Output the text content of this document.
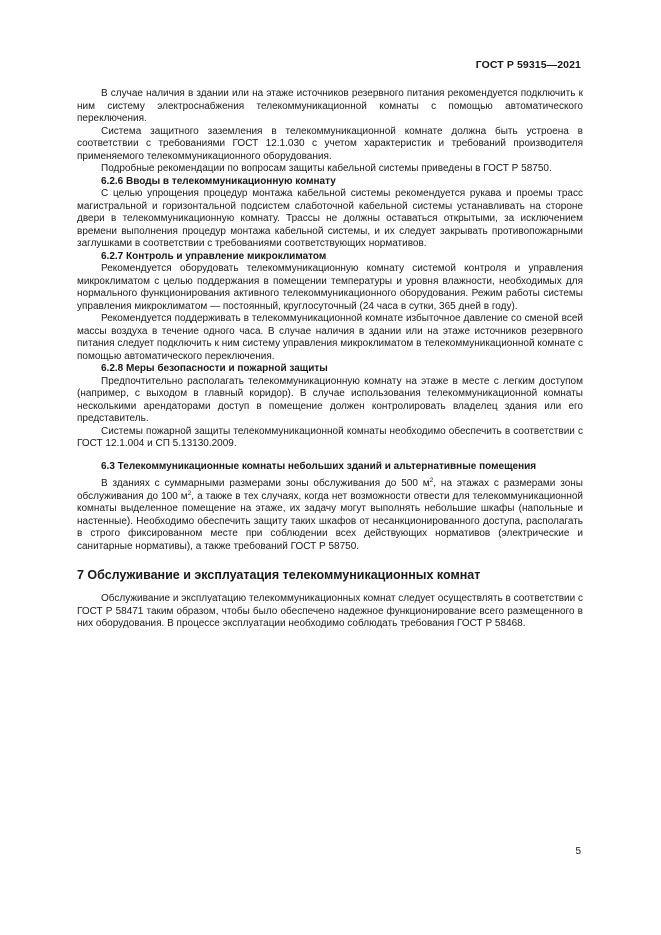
ГОСТ Р 59315—2021

В случае наличия в здании или на этаже источников резервного питания рекомендуется подключить к ним систему электроснабжения телекоммуникационной комнаты с помощью автоматического переключения.

Система защитного заземления в телекоммуникационной комнате должна быть устроена в соответствии с требованиями ГОСТ 12.1.030 с учетом характеристик и требований производителя применяемого телекоммуникационного оборудования.

Подробные рекомендации по вопросам защиты кабельной системы приведены в ГОСТ Р 58750.

6.2.6 Вводы в телекоммуникационную комнату

С целью упрощения процедур монтажа кабельной системы рекомендуется рукава и проемы трасс магистральной и горизонтальной подсистем слаботочной кабельной системы устанавливать на стороне двери в телекоммуникационную комнату. Трассы не должны оставаться открытыми, за исключением времени выполнения процедур монтажа кабельной системы, и их следует закрывать противопожарными заглушками в соответствии с требованиями соответствующих нормативов.

6.2.7 Контроль и управление микроклиматом

Рекомендуется оборудовать телекоммуникационную комнату системой контроля и управления микроклиматом с целью поддержания в помещении температуры и уровня влажности, необходимых для нормального функционирования активного телекоммуникационного оборудования. Режим работы системы управления микроклиматом — постоянный, круглосуточный (24 часа в сутки, 365 дней в году).

Рекомендуется поддерживать в телекоммуникационной комнате избыточное давление со сменой всей массы воздуха в течение одного часа. В случае наличия в здании или на этаже источников резервного питания следует подключить к ним систему управления микроклиматом в телекоммуникационной комнате с помощью автоматического переключения.

6.2.8 Меры безопасности и пожарной защиты

Предпочтительно располагать телекоммуникационную комнату на этаже в месте с легким доступом (например, с выходом в главный коридор). В случае использования телекоммуникационной комнаты несколькими арендаторами доступ в помещение должен контролировать владелец здания или его представитель.

Системы пожарной защиты телекоммуникационной комнаты необходимо обеспечить в соответствии с ГОСТ 12.1.004 и СП 5.13130.2009.

6.3 Телекоммуникационные комнаты небольших зданий и альтернативные помещения

В зданиях с суммарными размерами зоны обслуживания до 500 $м^2$, на этажах с размерами зоны обслуживания до 100 $м^2$, а также в тех случаях, когда нет возможности отвести для телекоммуникационной комнаты выделенное помещение на этаже, их задачу могут выполнять небольшие шкафы (напольные и настенные). Необходимо обеспечить защиту таких шкафов от несанкционированного доступа, располагать в строго фиксированном месте при соблюдении всех действующих нормативов (электрические и санитарные нормативы), а также требований ГОСТ Р 58750.

7 Обслуживание и эксплуатация телекоммуникационных комнат

Обслуживание и эксплуатацию телекоммуникационных комнат следует осуществлять в соответствии с ГОСТ Р 58471 таким образом, чтобы было обеспечено надежное функционирование всего размещенного в них оборудования. В процессе эксплуатации необходимо соблюдать требования ГОСТ Р 58468.

5
